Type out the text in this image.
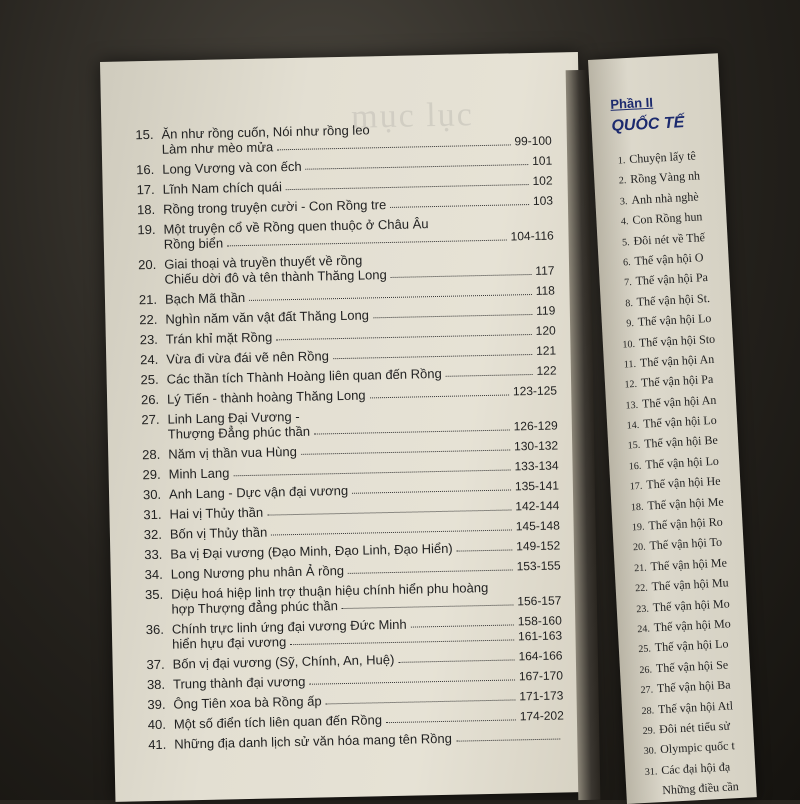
mục lục
15. Ăn như rồng cuốn, Nói như rồng leo
Làm như mèo mửa	99-100
16. Long Vương và con ếch	101
17. Lĩnh Nam chích quái	102
18. Rồng trong truyện cười - Con Rồng tre	103
19. Một truyện cổ về Rồng quen thuộc ở Châu Âu
Rồng biển	104-116
20. Giai thoại và truyền thuyết về rồng
Chiếu dời đô và tên thành Thăng Long	117
21. Bạch Mã thần	118
22. Nghìn năm văn vật đất Thăng Long	119
23. Trán khỉ mặt Rồng	120
24. Vừa đi vừa đái vẽ nên Rồng	121
25. Các thần tích Thành Hoàng liên quan đến Rồng	122
26. Lý Tiến - thành hoàng Thăng Long	123-125
27. Linh Lang Đại Vương -
Thượng Đẳng phúc thần	126-129
28. Năm vị thần vua Hùng	130-132
29. Minh Lang	133-134
30. Anh Lang - Dực vận đại vương	135-141
31. Hai vị Thủy thần	142-144
32. Bốn vị Thủy thần	145-148
33. Ba vị Đại vương (Đạo Minh, Đạo Linh, Đạo Hiển)	149-152
34. Long Nương phu nhân Ả rồng	153-155
35. Diệu hoá hiệp linh trợ thuận hiệu chính hiển phu hoàng
hợp Thượng đẳng phúc thần	156-157
36. Chính trực linh ứng đại vương Đức Minh	158-160
hiển hựu đại vương	161-163
37. Bốn vị đại vương (Sỹ, Chính, An, Huệ)	164-166
38. Trung thành đại vương	167-170
39. Ông Tiên xoa bà Rồng ấp	171-173
40. Một số điển tích liên quan đến Rồng	174-202
41. Những địa danh lịch sử văn hóa mang tên Rồng
Phần II
QUỐC TẾ
1. Chuyện lấy tê
2. Rồng Vàng nh
3. Anh nhà nghè
4. Con Rồng hun
5. Đôi nét về Thế
6. Thế vận hội O
7. Thế vận hội Pa
8. Thế vận hội St.
9. Thế vận hội Lo
10. Thế vận hội Sto
11. Thế vận hội An
12. Thế vận hội Pa
13. Thế vận hội An
14. Thế vận hội Lo
15. Thế vận hội Be
16. Thế vận hội Lo
17. Thế vận hội He
18. Thế vận hội Me
19. Thế vận hội Ro
20. Thế vận hội To
21. Thế vận hội Me
22. Thế vận hội Mu
23. Thế vận hội Mo
24. Thế vận hội Mo
25. Thế vận hội Lo
26. Thế vận hội Se
27. Thế vận hội Ba
28. Thế vận hội Atl
29. Đôi nét tiểu sử
30. Olympic quốc t
31. Các đại hội đạ
Những điều cần
